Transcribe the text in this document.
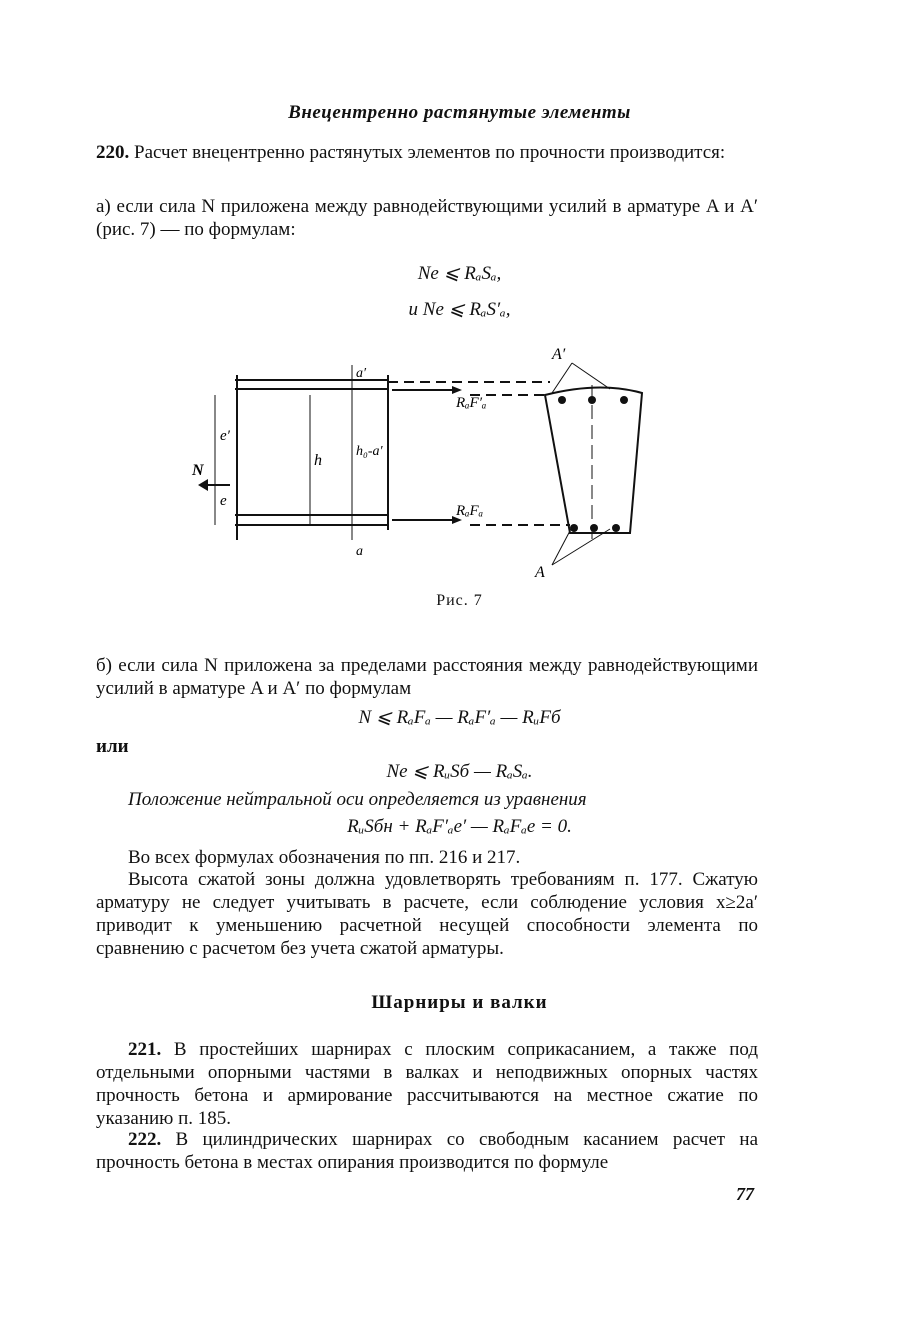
Внецентренно растянутые элементы
220. Расчет внецентренно растянутых элементов по прочности производится:
а) если сила N приложена между равнодействующими усилий в арматуре A и A′ (рис. 7) — по формулам:
Ne ⩽ RₐSₐ,
и Ne ⩽ RₐS′ₐ,
A′
A
RₐF′ₐ
RₐFₐ
N
e′
e
h
h₀-a′
a′
a
Рис. 7
б) если сила N приложена за пределами расстояния между равнодействующими усилий в арматуре A и A′ по формулам
N ⩽ RₐFₐ — RₐF′ₐ — RᵤFб
или
Ne ⩽ RᵤSб — RₐSₐ.
Положение нейтральной оси определяется из уравнения
RᵤSбн + RₐF′ₐe′ — RₐFₐe = 0.
Во всех формулах обозначения по пп. 216 и 217.
Высота сжатой зоны должна удовлетворять требованиям п. 177. Сжатую арматуру не следует учитывать в расчете, если соблюдение условия x≥2a′ приводит к уменьшению расчетной несущей способности элемента по сравнению с расчетом без учета сжатой арматуры.
Шарниры и валки
221. В простейших шарнирах с плоским соприкасанием, а также под отдельными опорными частями в валках и неподвижных опорных частях прочность бетона и армирование рассчитываются на местное сжатие по указанию п. 185.
222. В цилиндрических шарнирах со свободным касанием расчет на прочность бетона в местах опирания производится по формуле
77
